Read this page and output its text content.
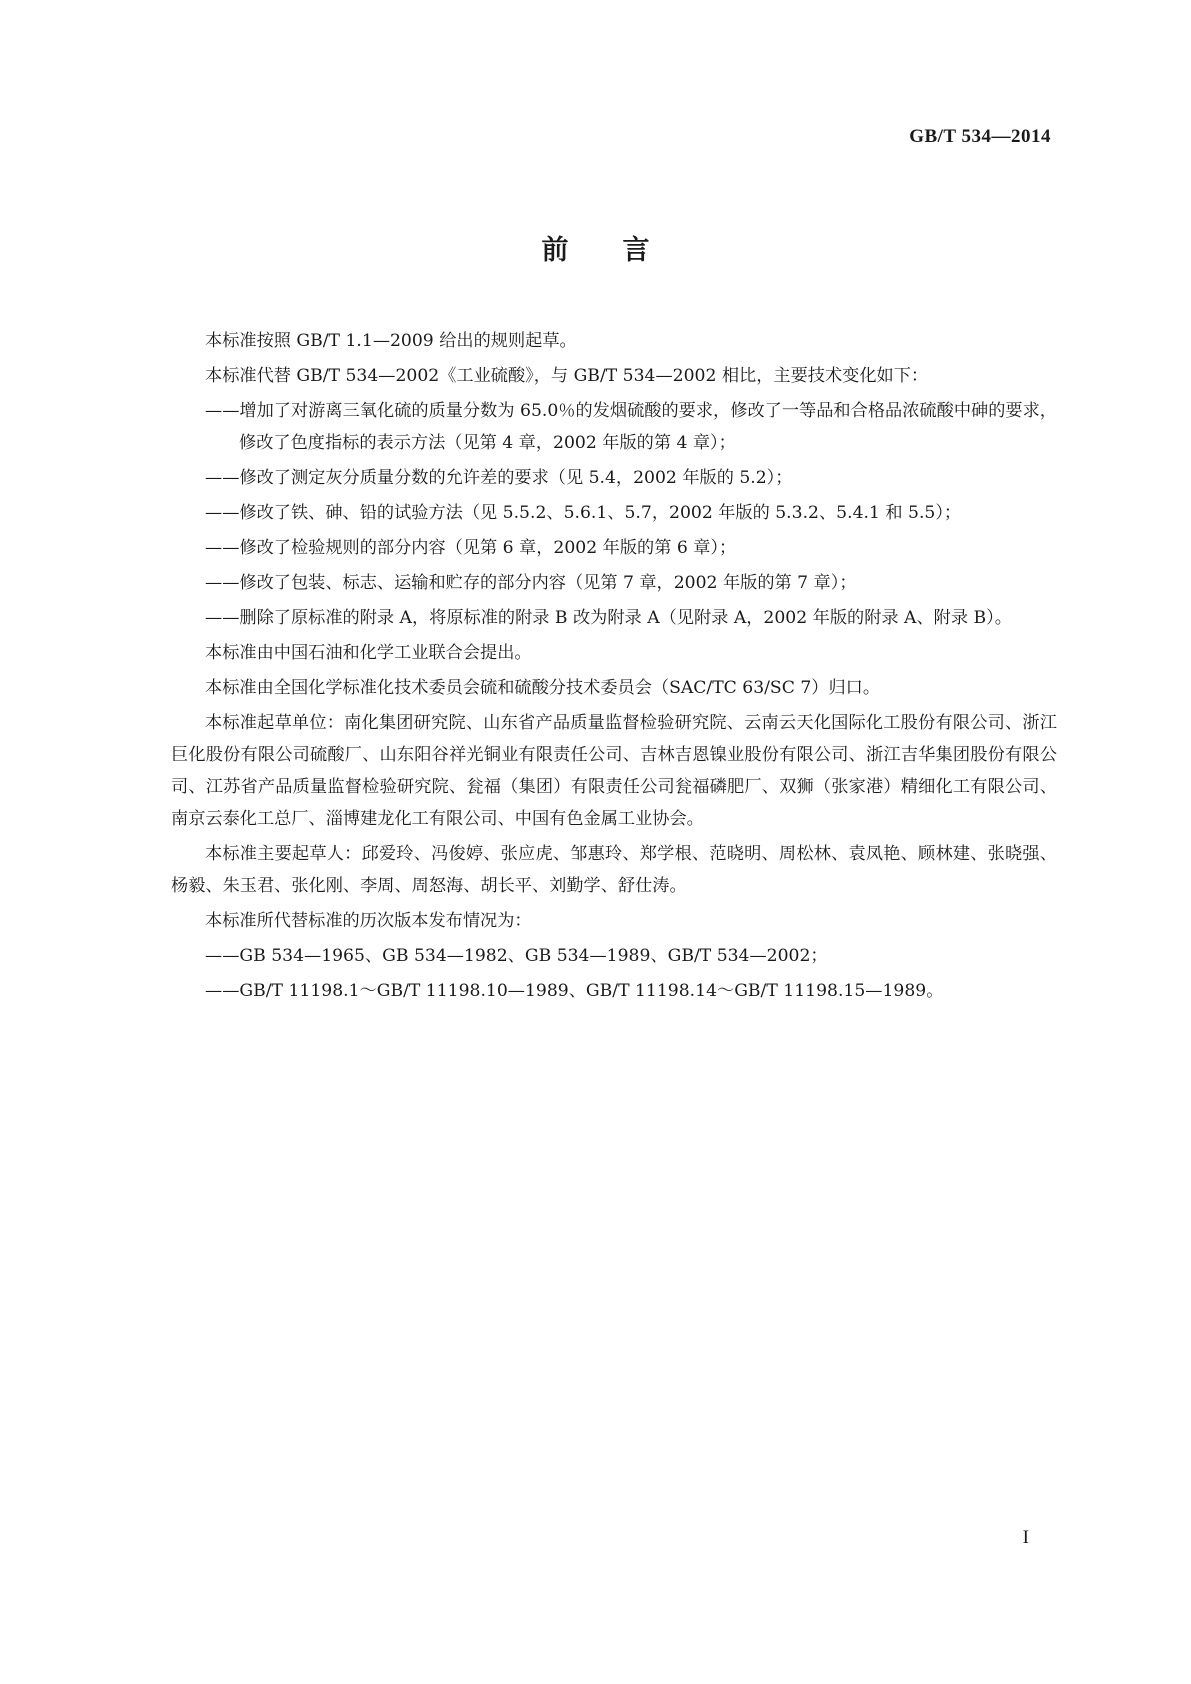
GB/T 534—2014
前　　言

本标准按照 GB/T 1.1—2009 给出的规则起草。

本标准代替 GB/T 534—2002《工业硫酸》，与 GB/T 534—2002 相比，主要技术变化如下：

——增加了对游离三氧化硫的质量分数为 65.0％的发烟硫酸的要求，修改了一等品和合格品浓硫酸中砷的要求，修改了色度指标的表示方法（见第 4 章，2002 年版的第 4 章）；

——修改了测定灰分质量分数的允许差的要求（见 5.4，2002 年版的 5.2）；

——修改了铁、砷、铅的试验方法（见 5.5.2、5.6.1、5.7，2002 年版的 5.3.2、5.4.1 和 5.5）；

——修改了检验规则的部分内容（见第 6 章，2002 年版的第 6 章）；

——修改了包装、标志、运输和贮存的部分内容（见第 7 章，2002 年版的第 7 章）；

——删除了原标准的附录 A，将原标准的附录 B 改为附录 A（见附录 A，2002 年版的附录 A、附录 B）。

本标准由中国石油和化学工业联合会提出。

本标准由全国化学标准化技术委员会硫和硫酸分技术委员会（SAC/TC 63/SC 7）归口。

本标准起草单位：南化集团研究院、山东省产品质量监督检验研究院、云南云天化国际化工股份有限公司、浙江巨化股份有限公司硫酸厂、山东阳谷祥光铜业有限责任公司、吉林吉恩镍业股份有限公司、浙江吉华集团股份有限公司、江苏省产品质量监督检验研究院、瓮福（集团）有限责任公司瓮福磷肥厂、双狮（张家港）精细化工有限公司、南京云泰化工总厂、淄博建龙化工有限公司、中国有色金属工业协会。

本标准主要起草人：邱爱玲、冯俊婷、张应虎、邹惠玲、郑学根、范晓明、周松林、袁凤艳、顾林建、张晓强、杨毅、朱玉君、张化刚、李周、周怒海、胡长平、刘勤学、舒仕涛。

本标准所代替标准的历次版本发布情况为：

——GB 534—1965、GB 534—1982、GB 534—1989、GB/T 534—2002；

——GB/T 11198.1～GB/T 11198.10—1989、GB/T 11198.14～GB/T 11198.15—1989。

I
